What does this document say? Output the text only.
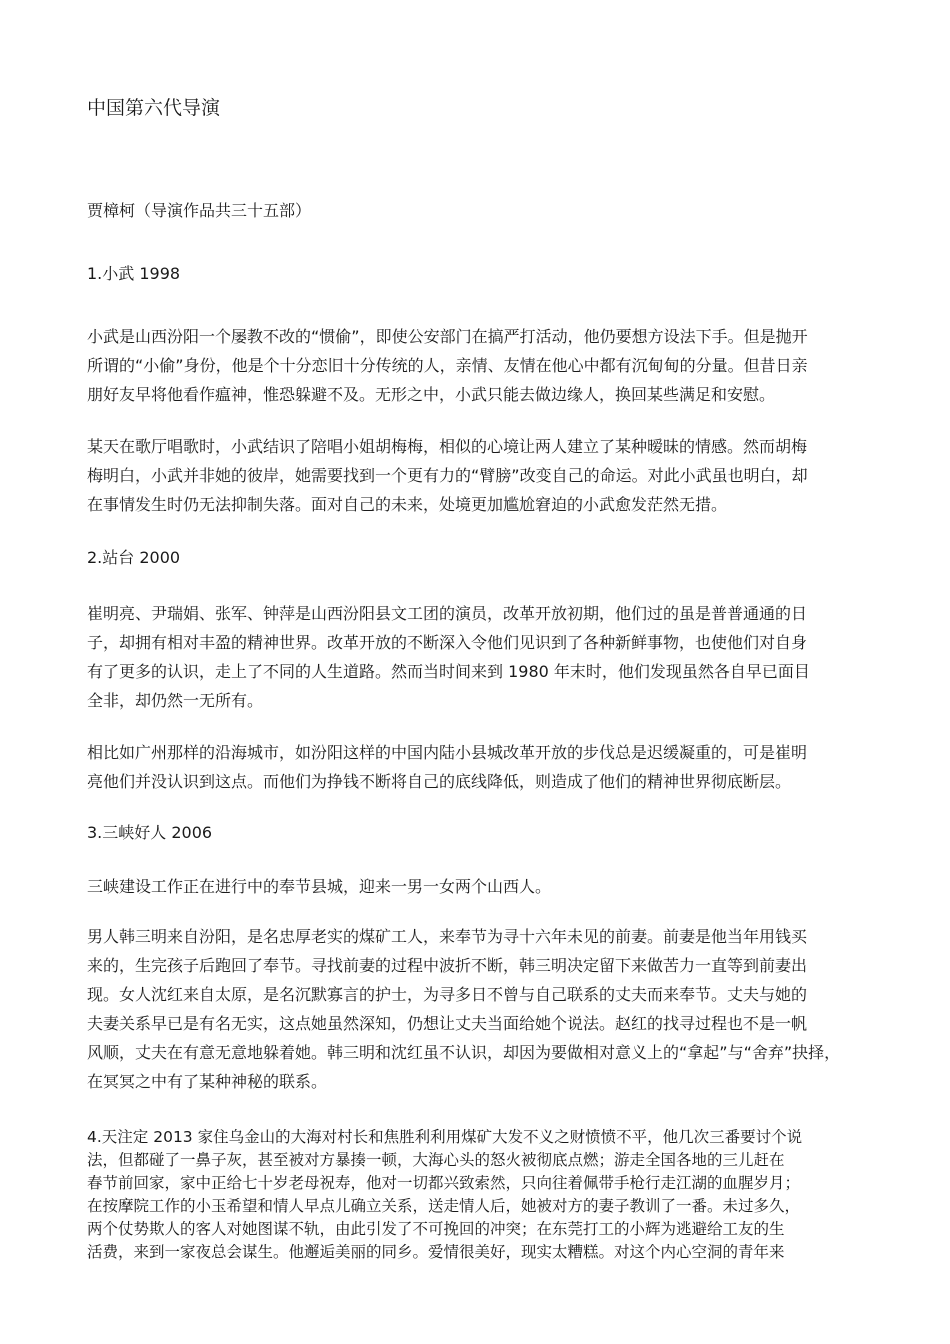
中国第六代导演

贾樟柯（导演作品共三十五部）

1.小武 1998

小武是山西汾阳一个屡教不改的“惯偷”，即使公安部门在搞严打活动，他仍要想方设法下手。但是抛开
所谓的“小偷”身份，他是个十分恋旧十分传统的人，亲情、友情在他心中都有沉甸甸的分量。但昔日亲
朋好友早将他看作瘟神，惟恐躲避不及。无形之中，小武只能去做边缘人，换回某些满足和安慰。

某天在歌厅唱歌时，小武结识了陪唱小姐胡梅梅，相似的心境让两人建立了某种暧昧的情感。然而胡梅
梅明白，小武并非她的彼岸，她需要找到一个更有力的“臂膀”改变自己的命运。对此小武虽也明白，却
在事情发生时仍无法抑制失落。面对自己的未来，处境更加尴尬窘迫的小武愈发茫然无措。

2.站台 2000

崔明亮、尹瑞娟、张军、钟萍是山西汾阳县文工团的演员，改革开放初期，他们过的虽是普普通通的日
子，却拥有相对丰盈的精神世界。改革开放的不断深入令他们见识到了各种新鲜事物，也使他们对自身
有了更多的认识，走上了不同的人生道路。然而当时间来到 1980 年末时，他们发现虽然各自早已面目
全非，却仍然一无所有。

相比如广州那样的沿海城市，如汾阳这样的中国内陆小县城改革开放的步伐总是迟缓凝重的，可是崔明
亮他们并没认识到这点。而他们为挣钱不断将自己的底线降低，则造成了他们的精神世界彻底断层。

3.三峡好人 2006

三峡建设工作正在进行中的奉节县城，迎来一男一女两个山西人。

男人韩三明来自汾阳，是名忠厚老实的煤矿工人，来奉节为寻十六年未见的前妻。前妻是他当年用钱买
来的，生完孩子后跑回了奉节。寻找前妻的过程中波折不断，韩三明决定留下来做苦力一直等到前妻出
现。女人沈红来自太原，是名沉默寡言的护士，为寻多日不曾与自己联系的丈夫而来奉节。丈夫与她的
夫妻关系早已是有名无实，这点她虽然深知，仍想让丈夫当面给她个说法。赵红的找寻过程也不是一帆
风顺，丈夫在有意无意地躲着她。韩三明和沈红虽不认识，却因为要做相对意义上的“拿起”与“舍弃”抉择，
在冥冥之中有了某种神秘的联系。

4.天注定 2013 家住乌金山的大海对村长和焦胜利利用煤矿大发不义之财愤愤不平，他几次三番要讨个说
法，但都碰了一鼻子灰，甚至被对方暴揍一顿，大海心头的怒火被彻底点燃；游走全国各地的三儿赶在
春节前回家，家中正给七十岁老母祝寿，他对一切都兴致索然，只向往着佩带手枪行走江湖的血腥岁月；
在按摩院工作的小玉希望和情人早点儿确立关系，送走情人后，她被对方的妻子教训了一番。未过多久，
两个仗势欺人的客人对她图谋不轨，由此引发了不可挽回的冲突；在东莞打工的小辉为逃避给工友的生
活费，来到一家夜总会谋生。他邂逅美丽的同乡。爱情很美好，现实太糟糕。对这个内心空洞的青年来
